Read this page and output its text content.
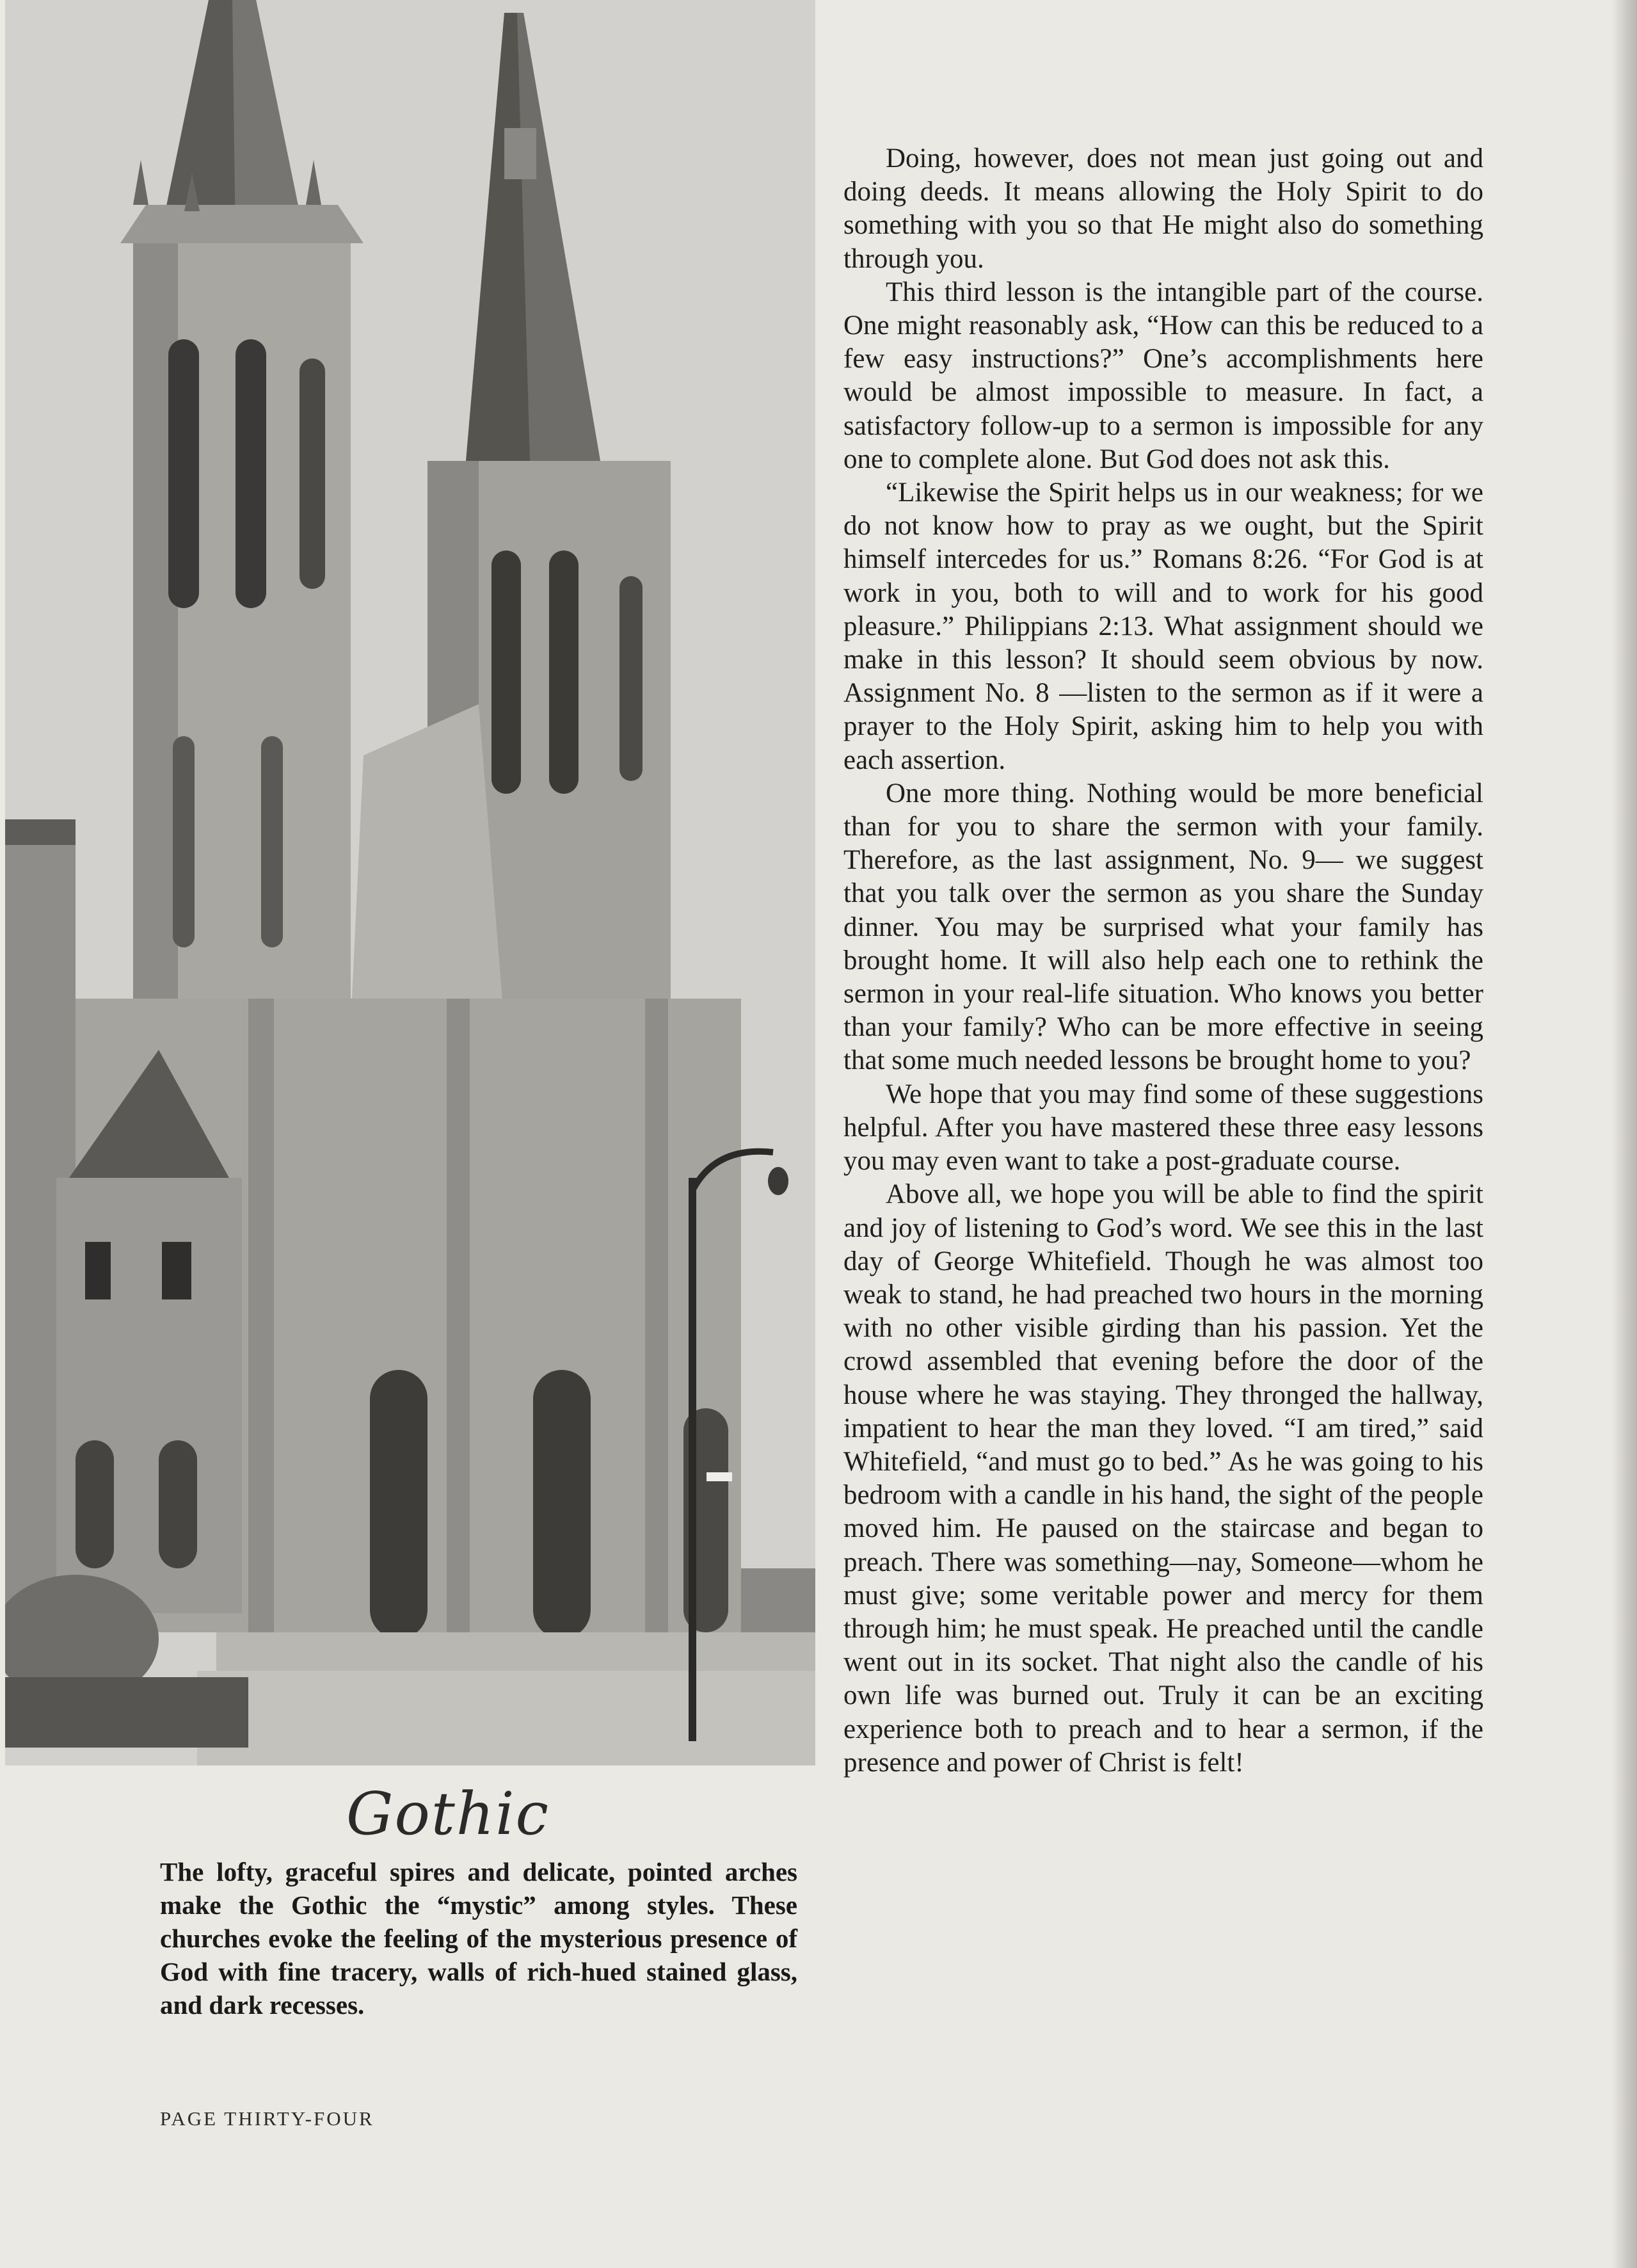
Gothic
The lofty, graceful spires and delicate, pointed arches make the Gothic the “mystic” among styles. These churches evoke the feeling of the mysterious presence of God with fine tracery, walls of rich-hued stained glass, and dark recesses.
PAGE THIRTY-FOUR

Doing, however, does not mean just going out and doing deeds. It means allowing the Holy Spirit to do something with you so that He might also do something through you.

This third lesson is the intangible part of the course. One might reasonably ask, “How can this be reduced to a few easy instructions?” One’s accomplishments here would be almost impossible to measure. In fact, a satisfactory follow-up to a sermon is impossible for any one to complete alone. But God does not ask this.

“Likewise the Spirit helps us in our weakness; for we do not know how to pray as we ought, but the Spirit himself intercedes for us.” Romans 8:26. “For God is at work in you, both to will and to work for his good pleasure.” Philippians 2:13. What assignment should we make in this lesson? It should seem obvious by now. Assignment No. 8 —listen to the sermon as if it were a prayer to the Holy Spirit, asking him to help you with each assertion.

One more thing. Nothing would be more beneficial than for you to share the sermon with your family. Therefore, as the last assignment, No. 9— we suggest that you talk over the sermon as you share the Sunday dinner. You may be surprised what your family has brought home. It will also help each one to rethink the sermon in your real-life situation. Who knows you better than your family? Who can be more effective in seeing that some much needed lessons be brought home to you?

We hope that you may find some of these suggestions helpful. After you have mastered these three easy lessons you may even want to take a post-graduate course.

Above all, we hope you will be able to find the spirit and joy of listening to God’s word. We see this in the last day of George Whitefield. Though he was almost too weak to stand, he had preached two hours in the morning with no other visible girding than his passion. Yet the crowd assembled that evening before the door of the house where he was staying. They thronged the hallway, impatient to hear the man they loved. “I am tired,” said Whitefield, “and must go to bed.” As he was going to his bedroom with a candle in his hand, the sight of the people moved him. He paused on the staircase and began to preach. There was something—nay, Someone—whom he must give; some veritable power and mercy for them through him; he must speak. He preached until the candle went out in its socket. That night also the candle of his own life was burned out. Truly it can be an exciting experience both to preach and to hear a sermon, if the presence and power of Christ is felt!
